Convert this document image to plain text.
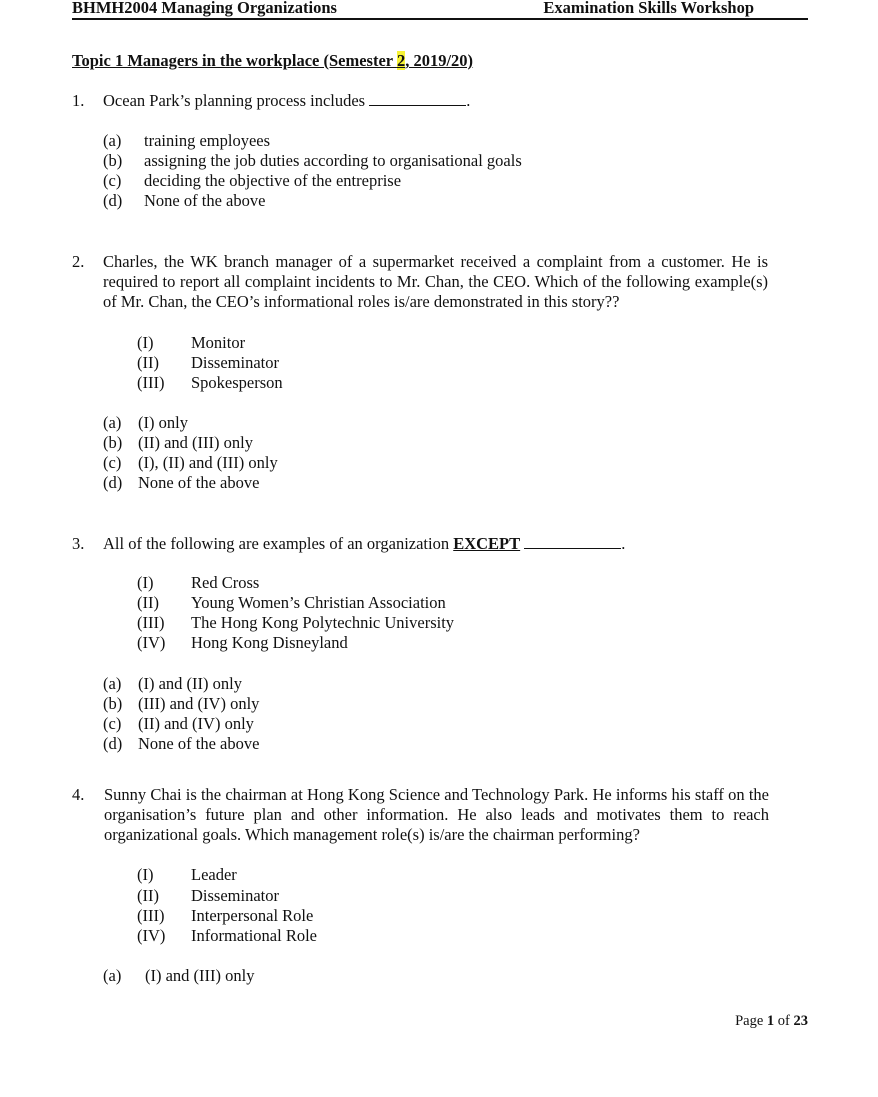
BHMH2004 Managing Organizations	Examination Skills Workshop
Topic 1 Managers in the workplace (Semester 2, 2019/20)
1. Ocean Park’s planning process includes	.
(a) training employees
(b) assigning the job duties according to organisational goals
(c) deciding the objective of the entreprise
(d) None of the above
2. Charles, the WK branch manager of a supermarket received a complaint from a customer. He is required to report all complaint incidents to Mr. Chan, the CEO. Which of the following example(s) of Mr. Chan, the CEO’s informational roles is/are demonstrated in this story??
(I) Monitor
(II) Disseminator
(III) Spokesperson
(a) (I) only
(b) (II) and (III) only
(c) (I), (II) and (III) only
(d) None of the above
3. All of the following are examples of an organization EXCEPT	.
(I) Red Cross
(II) Young Women’s Christian Association
(III) The Hong Kong Polytechnic University
(IV) Hong Kong Disneyland
(a) (I) and (II) only
(b) (III) and (IV) only
(c) (II) and (IV) only
(d) None of the above
4. Sunny Chai is the chairman at Hong Kong Science and Technology Park. He informs his staff on the organisation’s future plan and other information. He also leads and motivates them to reach organizational goals. Which management role(s) is/are the chairman performing?
(I) Leader
(II) Disseminator
(III) Interpersonal Role
(IV) Informational Role
(a) (I) and (III) only
Page 1 of 23
